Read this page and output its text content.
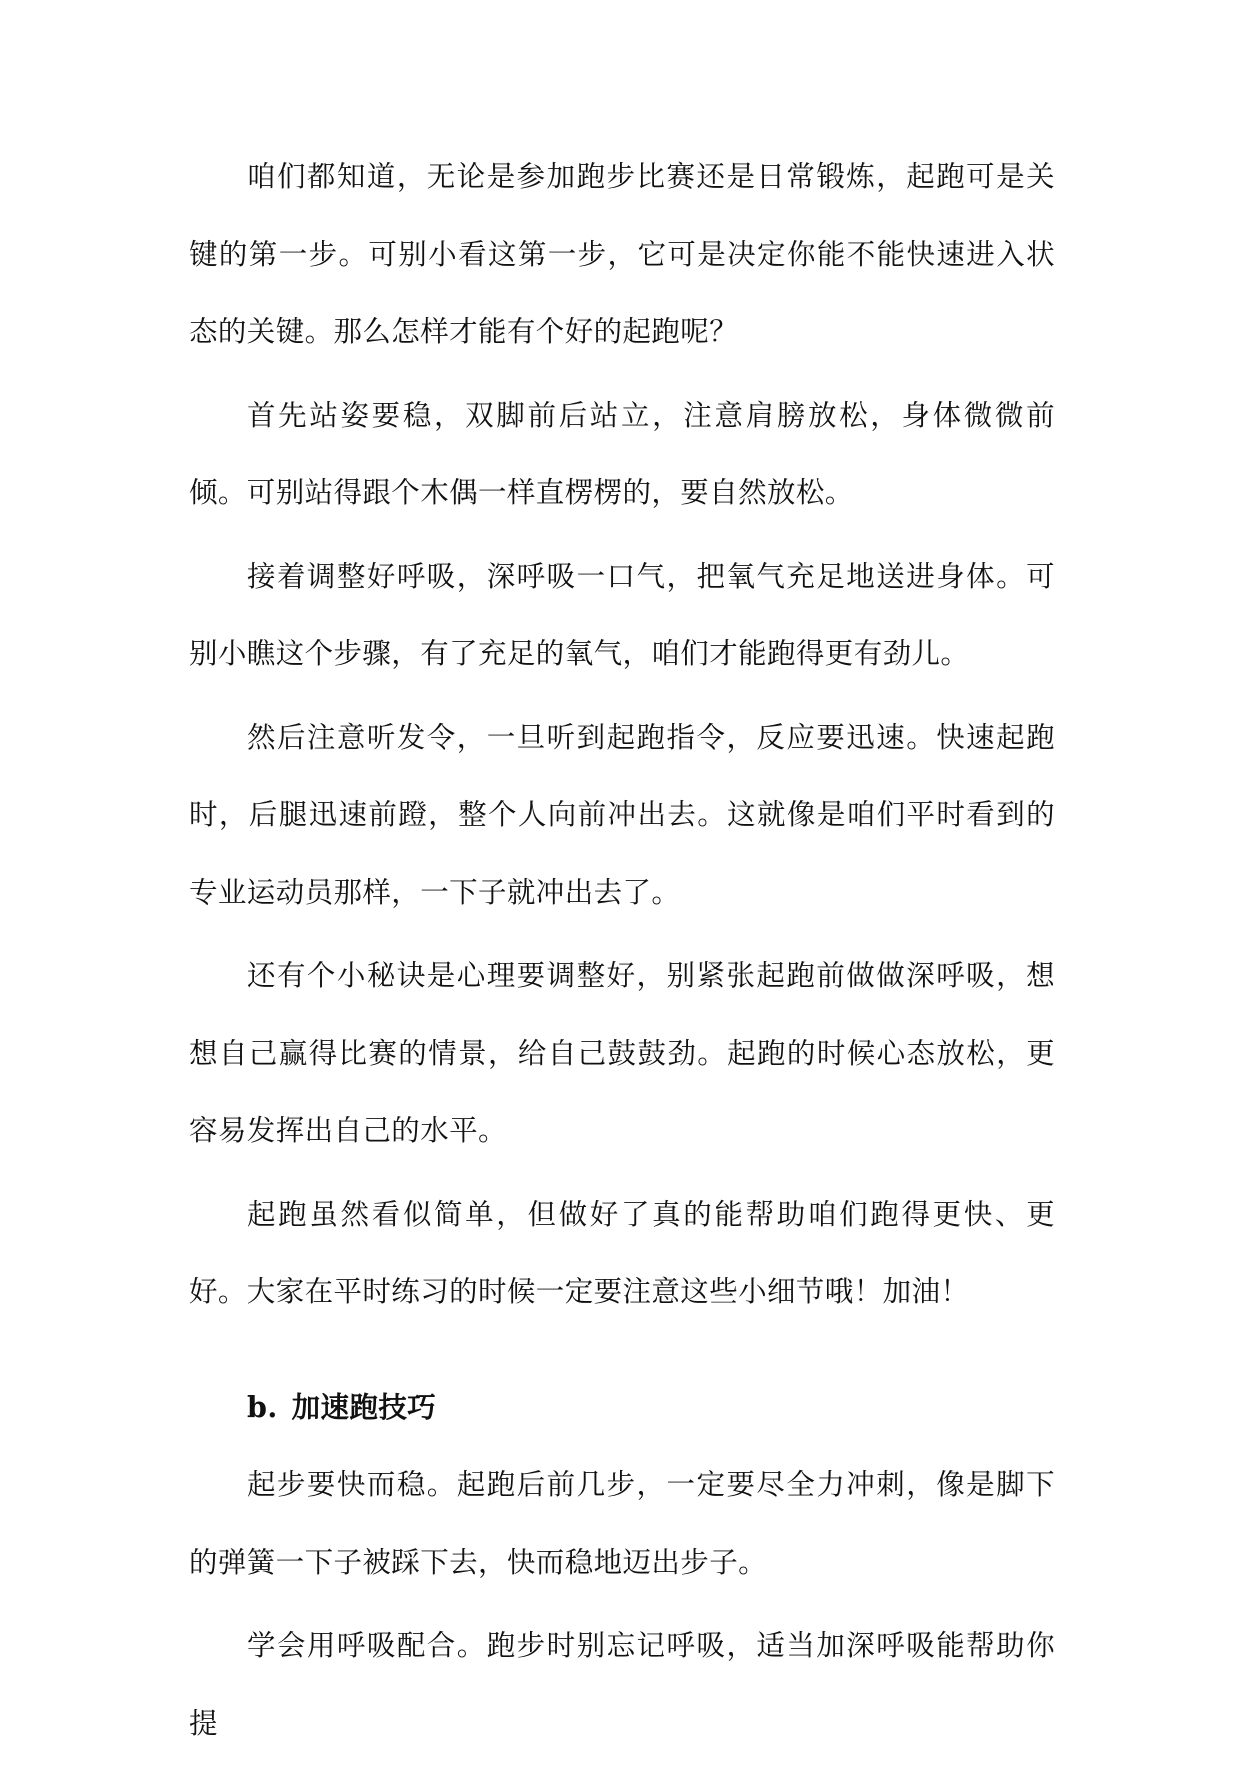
咱们都知道，无论是参加跑步比赛还是日常锻炼，起跑可是关键的第一步。可别小看这第一步，它可是决定你能不能快速进入状态的关键。那么怎样才能有个好的起跑呢？

首先站姿要稳，双脚前后站立，注意肩膀放松，身体微微前倾。可别站得跟个木偶一样直楞楞的，要自然放松。

接着调整好呼吸，深呼吸一口气，把氧气充足地送进身体。可别小瞧这个步骤，有了充足的氧气，咱们才能跑得更有劲儿。

然后注意听发令，一旦听到起跑指令，反应要迅速。快速起跑时，后腿迅速前蹬，整个人向前冲出去。这就像是咱们平时看到的专业运动员那样，一下子就冲出去了。

还有个小秘诀是心理要调整好，别紧张起跑前做做深呼吸，想想自己赢得比赛的情景，给自己鼓鼓劲。起跑的时候心态放松，更容易发挥出自己的水平。

起跑虽然看似简单，但做好了真的能帮助咱们跑得更快、更好。大家在平时练习的时候一定要注意这些小细节哦！加油！

b. 加速跑技巧

起步要快而稳。起跑后前几步，一定要尽全力冲刺，像是脚下的弹簧一下子被踩下去，快而稳地迈出步子。

学会用呼吸配合。跑步时别忘记呼吸，适当加深呼吸能帮助你提
